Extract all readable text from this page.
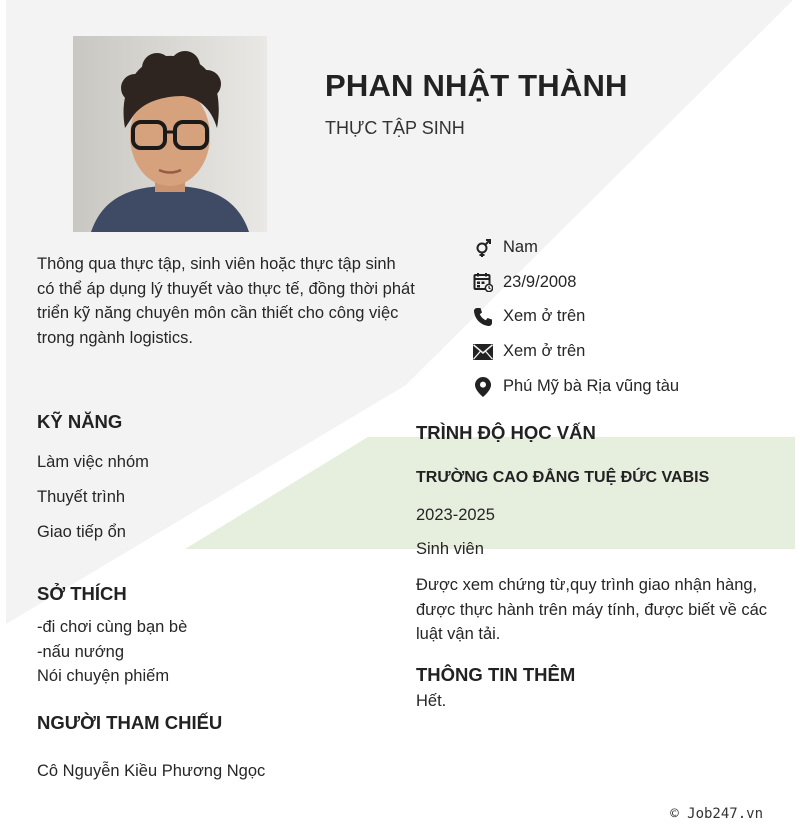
PHAN NHẬT THÀNH
THỰC TẬP SINH
Thông qua thực tập, sinh viên hoặc thực tập sinh có thể áp dụng lý thuyết vào thực tế, đồng thời phát triển kỹ năng chuyên môn cần thiết cho công việc trong ngành logistics.
Nam
23/9/2008
Xem ở trên
Xem ở trên
Phú Mỹ bà Rịa vũng tàu
KỸ NĂNG
Làm việc nhóm
Thuyết trình
Giao tiếp ổn
SỞ THÍCH
-đi chơi cùng bạn bè
-nấu nướng
Nói chuyện phiếm
NGƯỜI THAM CHIẾU
Cô Nguyễn Kiều Phương Ngọc
TRÌNH ĐỘ HỌC VẤN
TRƯỜNG CAO ĐẲNG TUỆ ĐỨC VABIS
2023-2025
Sinh viên
Được xem chứng từ,quy trình giao nhận hàng, được thực hành trên máy tính, được biết về các luật vận tải.
THÔNG TIN THÊM
Hết.
© Job247.vn
